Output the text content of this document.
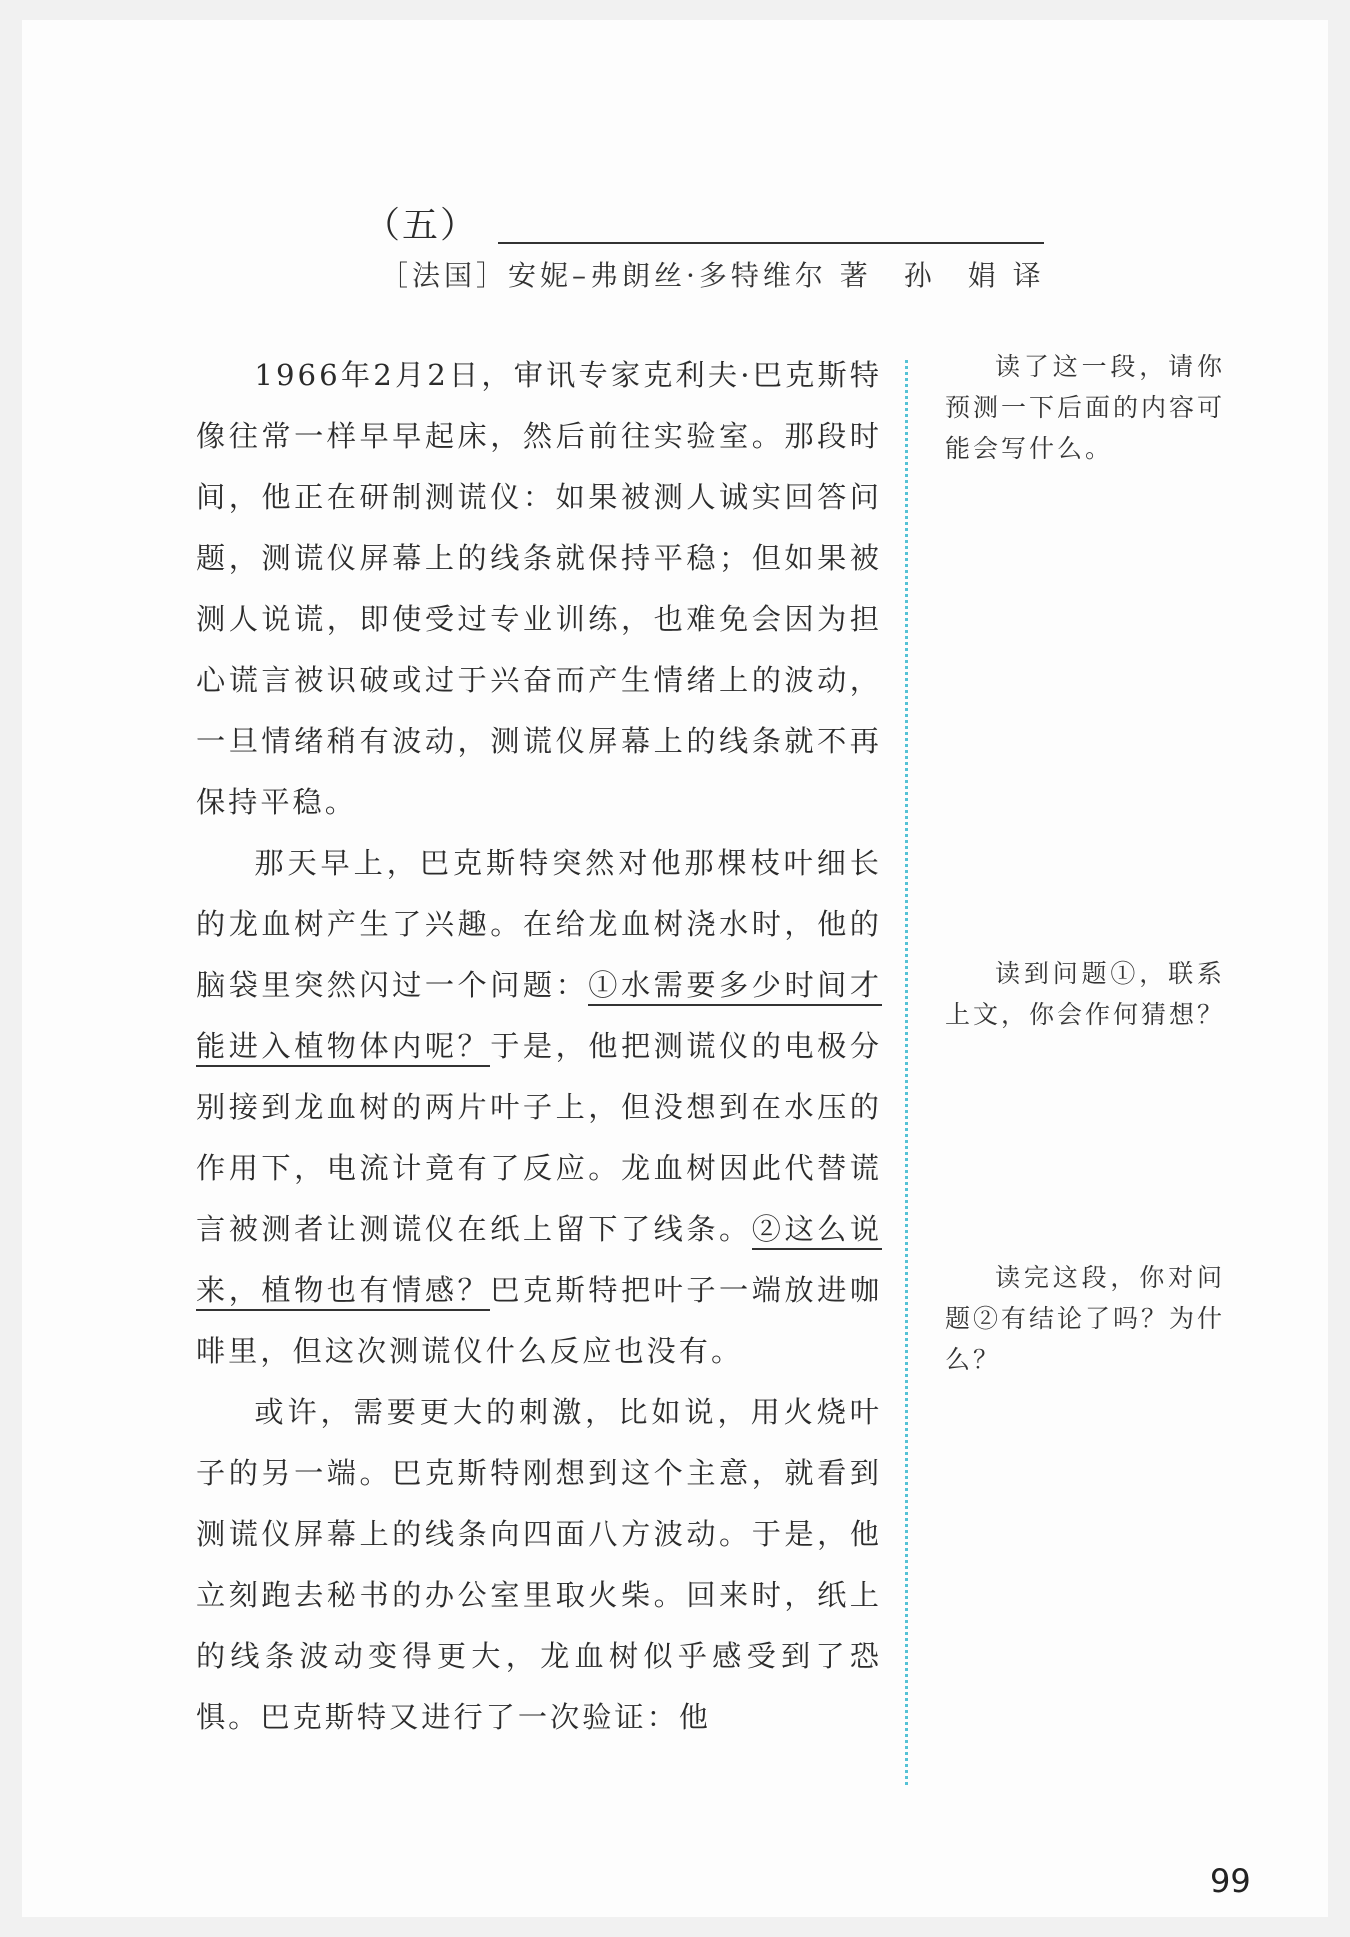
（五）
［法国］安妮–弗朗丝·多特维尔 著　孙　娟 译

1966年2月2日，审讯专家克利夫·巴克斯特像往常一样早早起床，然后前往实验室。那段时间，他正在研制测谎仪：如果被测人诚实回答问题，测谎仪屏幕上的线条就保持平稳；但如果被测人说谎，即使受过专业训练，也难免会因为担心谎言被识破或过于兴奋而产生情绪上的波动，一旦情绪稍有波动，测谎仪屏幕上的线条就不再保持平稳。

那天早上，巴克斯特突然对他那棵枝叶细长的龙血树产生了兴趣。在给龙血树浇水时，他的脑袋里突然闪过一个问题：①水需要多少时间才能进入植物体内呢？于是，他把测谎仪的电极分别接到龙血树的两片叶子上，但没想到在水压的作用下，电流计竟有了反应。龙血树因此代替谎言被测者让测谎仪在纸上留下了线条。②这么说来，植物也有情感？巴克斯特把叶子一端放进咖啡里，但这次测谎仪什么反应也没有。

或许，需要更大的刺激，比如说，用火烧叶子的另一端。巴克斯特刚想到这个主意，就看到测谎仪屏幕上的线条向四面八方波动。于是，他立刻跑去秘书的办公室里取火柴。回来时，纸上的线条波动变得更大，龙血树似乎感受到了恐惧。巴克斯特又进行了一次验证：他

读了这一段，请你预测一下后面的内容可能会写什么。
读到问题①，联系上文，你会作何猜想？
读完这段，你对问题②有结论了吗？为什么？
99
